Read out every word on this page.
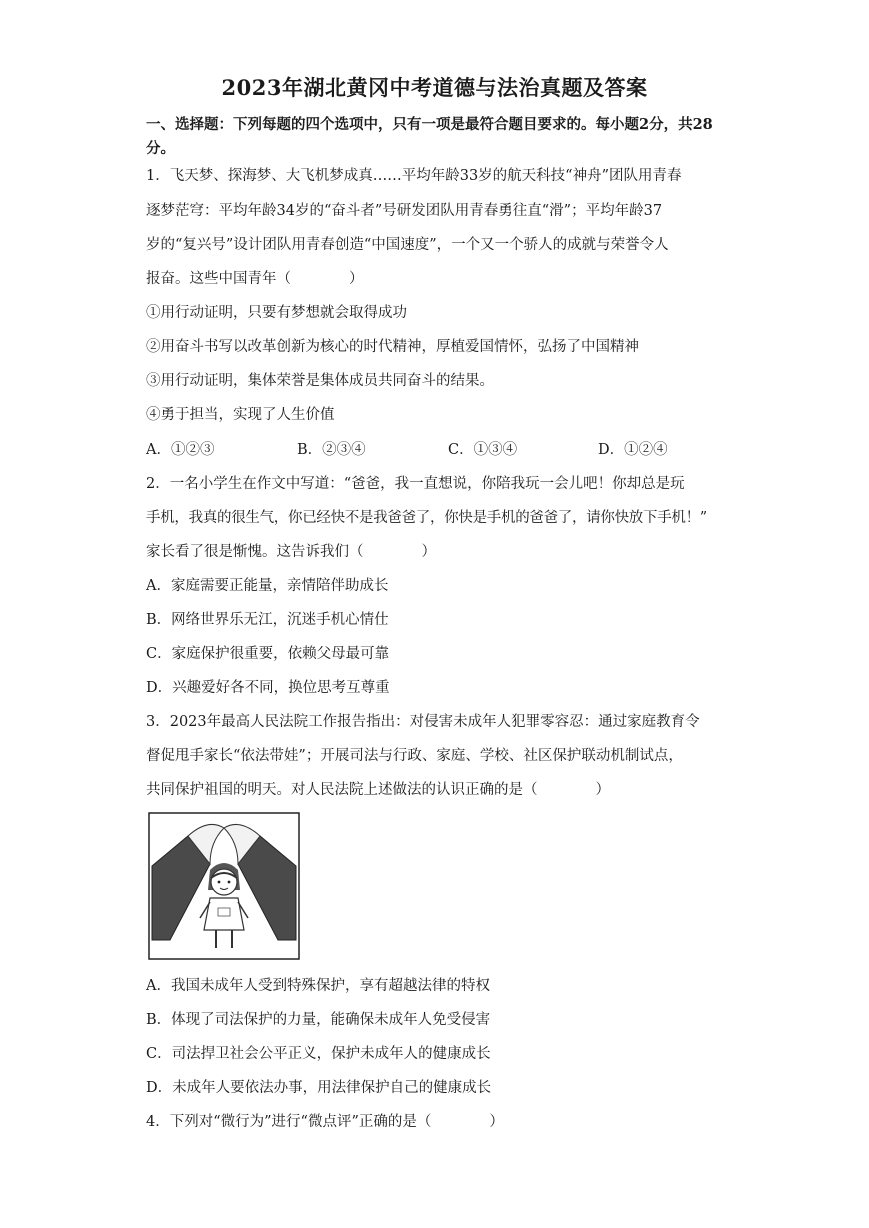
2023年湖北黄冈中考道德与法治真题及答案
一、选择题：下列每题的四个选项中，只有一项是最符合题目要求的。每小题2分，共28分。
1．飞天梦、探海梦、大飞机梦成真……平均年龄33岁的航天科技“神舟”团队用青春
逐梦茫穹：平均年龄34岁的“奋斗者”号研发团队用青春勇往直“滑”；平均年龄37
岁的“复兴号”设计团队用青春创造“中国速度”，一个又一个骄人的成就与荣誉令人
报奋。这些中国青年（　　　　）
①用行动证明，只要有梦想就会取得成功
②用奋斗书写以改革创新为核心的时代精神，厚植爱国情怀，弘扬了中国精神
③用行动证明，集体荣誉是集体成员共同奋斗的结果。
④勇于担当，实现了人生价值
A．①②③	B．②③④	C．①③④	D．①②④
2．一名小学生在作文中写道：“爸爸，我一直想说，你陪我玩一会儿吧！你却总是玩
手机，我真的很生气，你已经快不是我爸爸了，你快是手机的爸爸了，请你快放下手机！”
家长看了很是惭愧。这告诉我们（　　　　）
A．家庭需要正能量，亲情陪伴助成长
B．网络世界乐无江，沉迷手机心情仕
C．家庭保护很重要，依赖父母最可靠
D．兴趣爱好各不同，换位思考互尊重
3．2023年最高人民法院工作报告指出：对侵害未成年人犯罪零容忍：通过家庭教育令
督促甩手家长“依法带娃”；开展司法与行政、家庭、学校、社区保护联动机制试点，
共同保护祖国的明天。对人民法院上述做法的认识正确的是（　　　　）
A．我国未成年人受到特殊保护，享有超越法律的特权
B．体现了司法保护的力量，能确保未成年人免受侵害
C．司法捍卫社会公平正义，保护未成年人的健康成长
D．未成年人要依法办事，用法律保护自己的健康成长
4．下列对“微行为”进行“微点评”正确的是（　　　　）
